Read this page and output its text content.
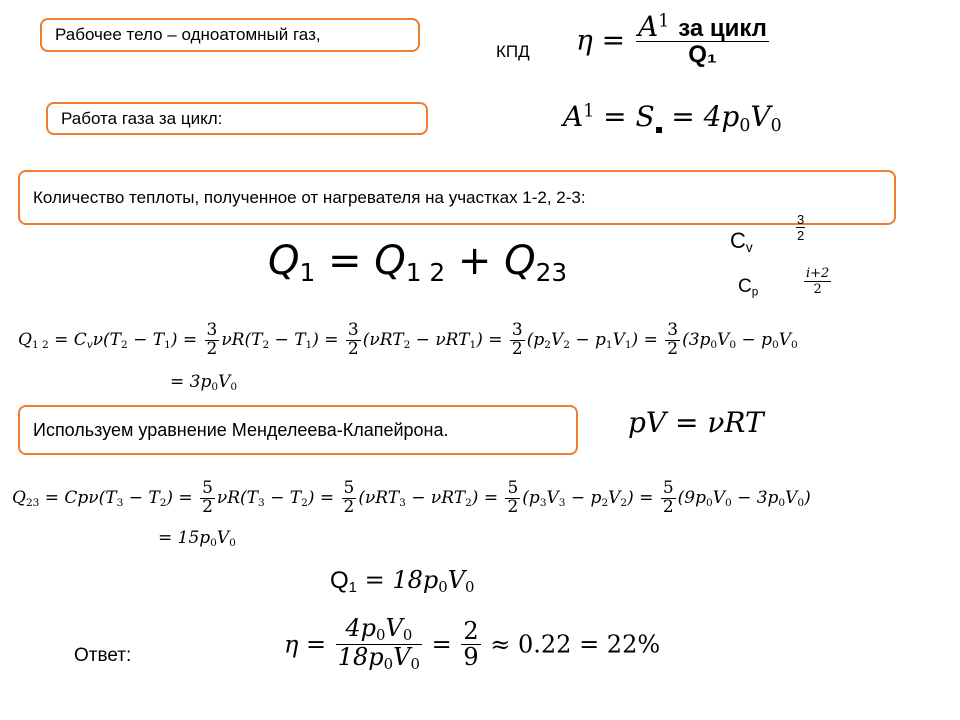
Рабочее тело – одноатомный газ,
Работа газа за цикл:
Количество теплоты, полученное от нагревателя на участках 1-2, 2-3:
Используем уравнение Менделеева-Клапейрона.
КПД $\eta = A^1$ за цикл
Q₁
$A^1 = S = 4p_0V_0$
$Q_1 = Q_{1 2} + Q_{23}$
$C_v$
3
2
$C_p$
i+2
2
$Q_{1 2} = C_v\nu(T_2 - T_1) = \frac{3}{2} \nu R(T_2 - T_1) = \frac{3}{2} (\nu RT_2 - \nu RT_1) = \frac{3}{2} (p_2V_2 - p_1V_1) = \frac{3}{2} (3p_0V_0 - p_0V_0$
= $3p_0V_0$
pV = νRT
$Q_{23} = Cp\nu(T_3 - T_2) = \frac{5}{2} \nu R(T_3 - T_2) = \frac{5}{2} (\nu RT_3 - \nu RT_2) = \frac{5}{2} (p_3V_3 - p_2V_2) = \frac{5}{2} (9p_0V_0 - 3p_0V_0)$
= $15p_0V_0$
$Q_1 = 18p_0V_0$
Ответ:	$\eta = \frac{4p_0V_0}{18p_0V_0} = \frac{2}{9} \approx 0.22 = 22\%$
